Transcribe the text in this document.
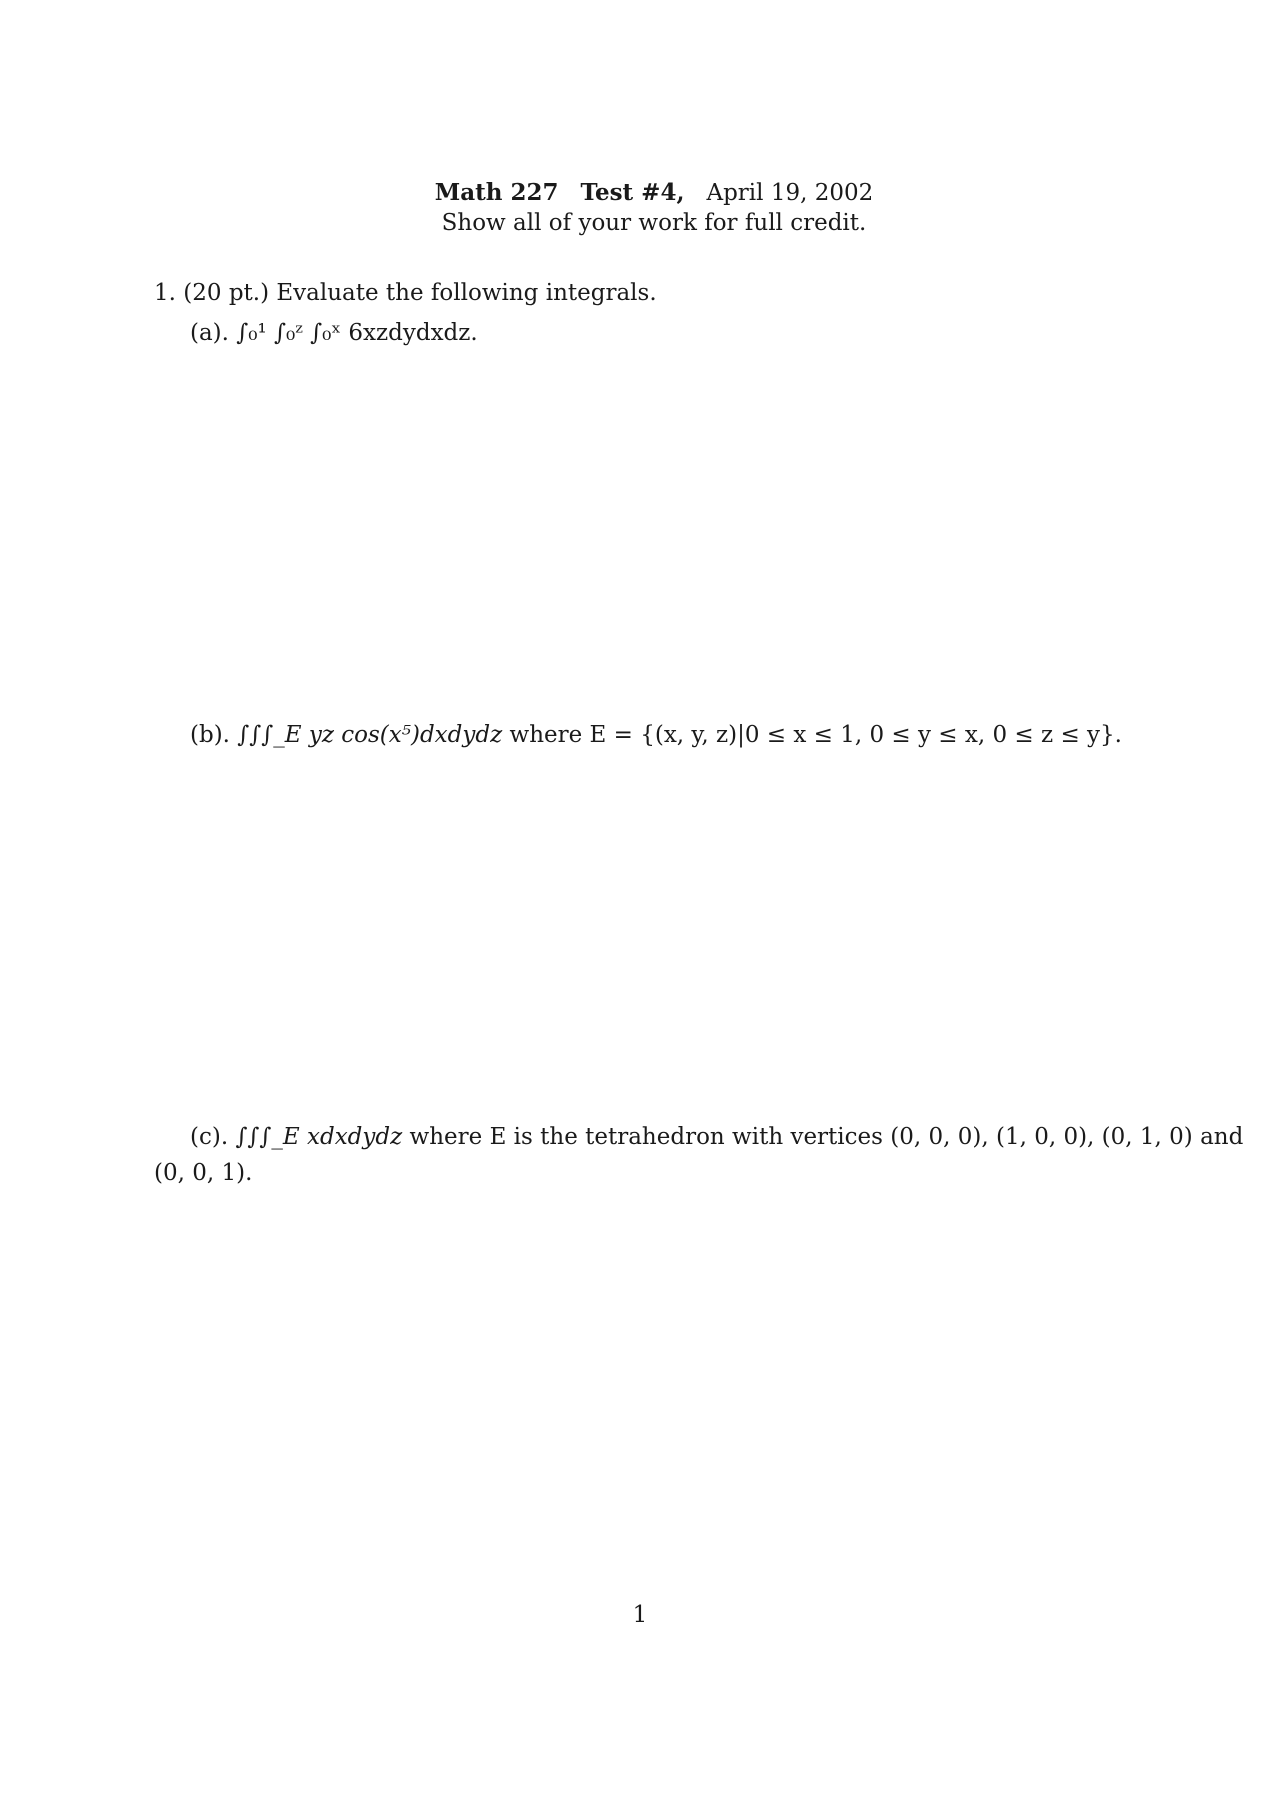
Math 227 Test #4, April 19, 2002
Show all of your work for full credit.
1. (20 pt.) Evaluate the following integrals.
(a). ∫₀¹ ∫₀ᶻ ∫₀ˣ 6xzdydxdz.
(b). ∫∫∫_E yz cos(x⁵)dxdydz where E = {(x, y, z)|0 ≤ x ≤ 1, 0 ≤ y ≤ x, 0 ≤ z ≤ y}.
(c). ∫∫∫_E xdxdydz where E is the tetrahedron with vertices (0, 0, 0), (1, 0, 0), (0, 1, 0) and
(0, 0, 1).
1
